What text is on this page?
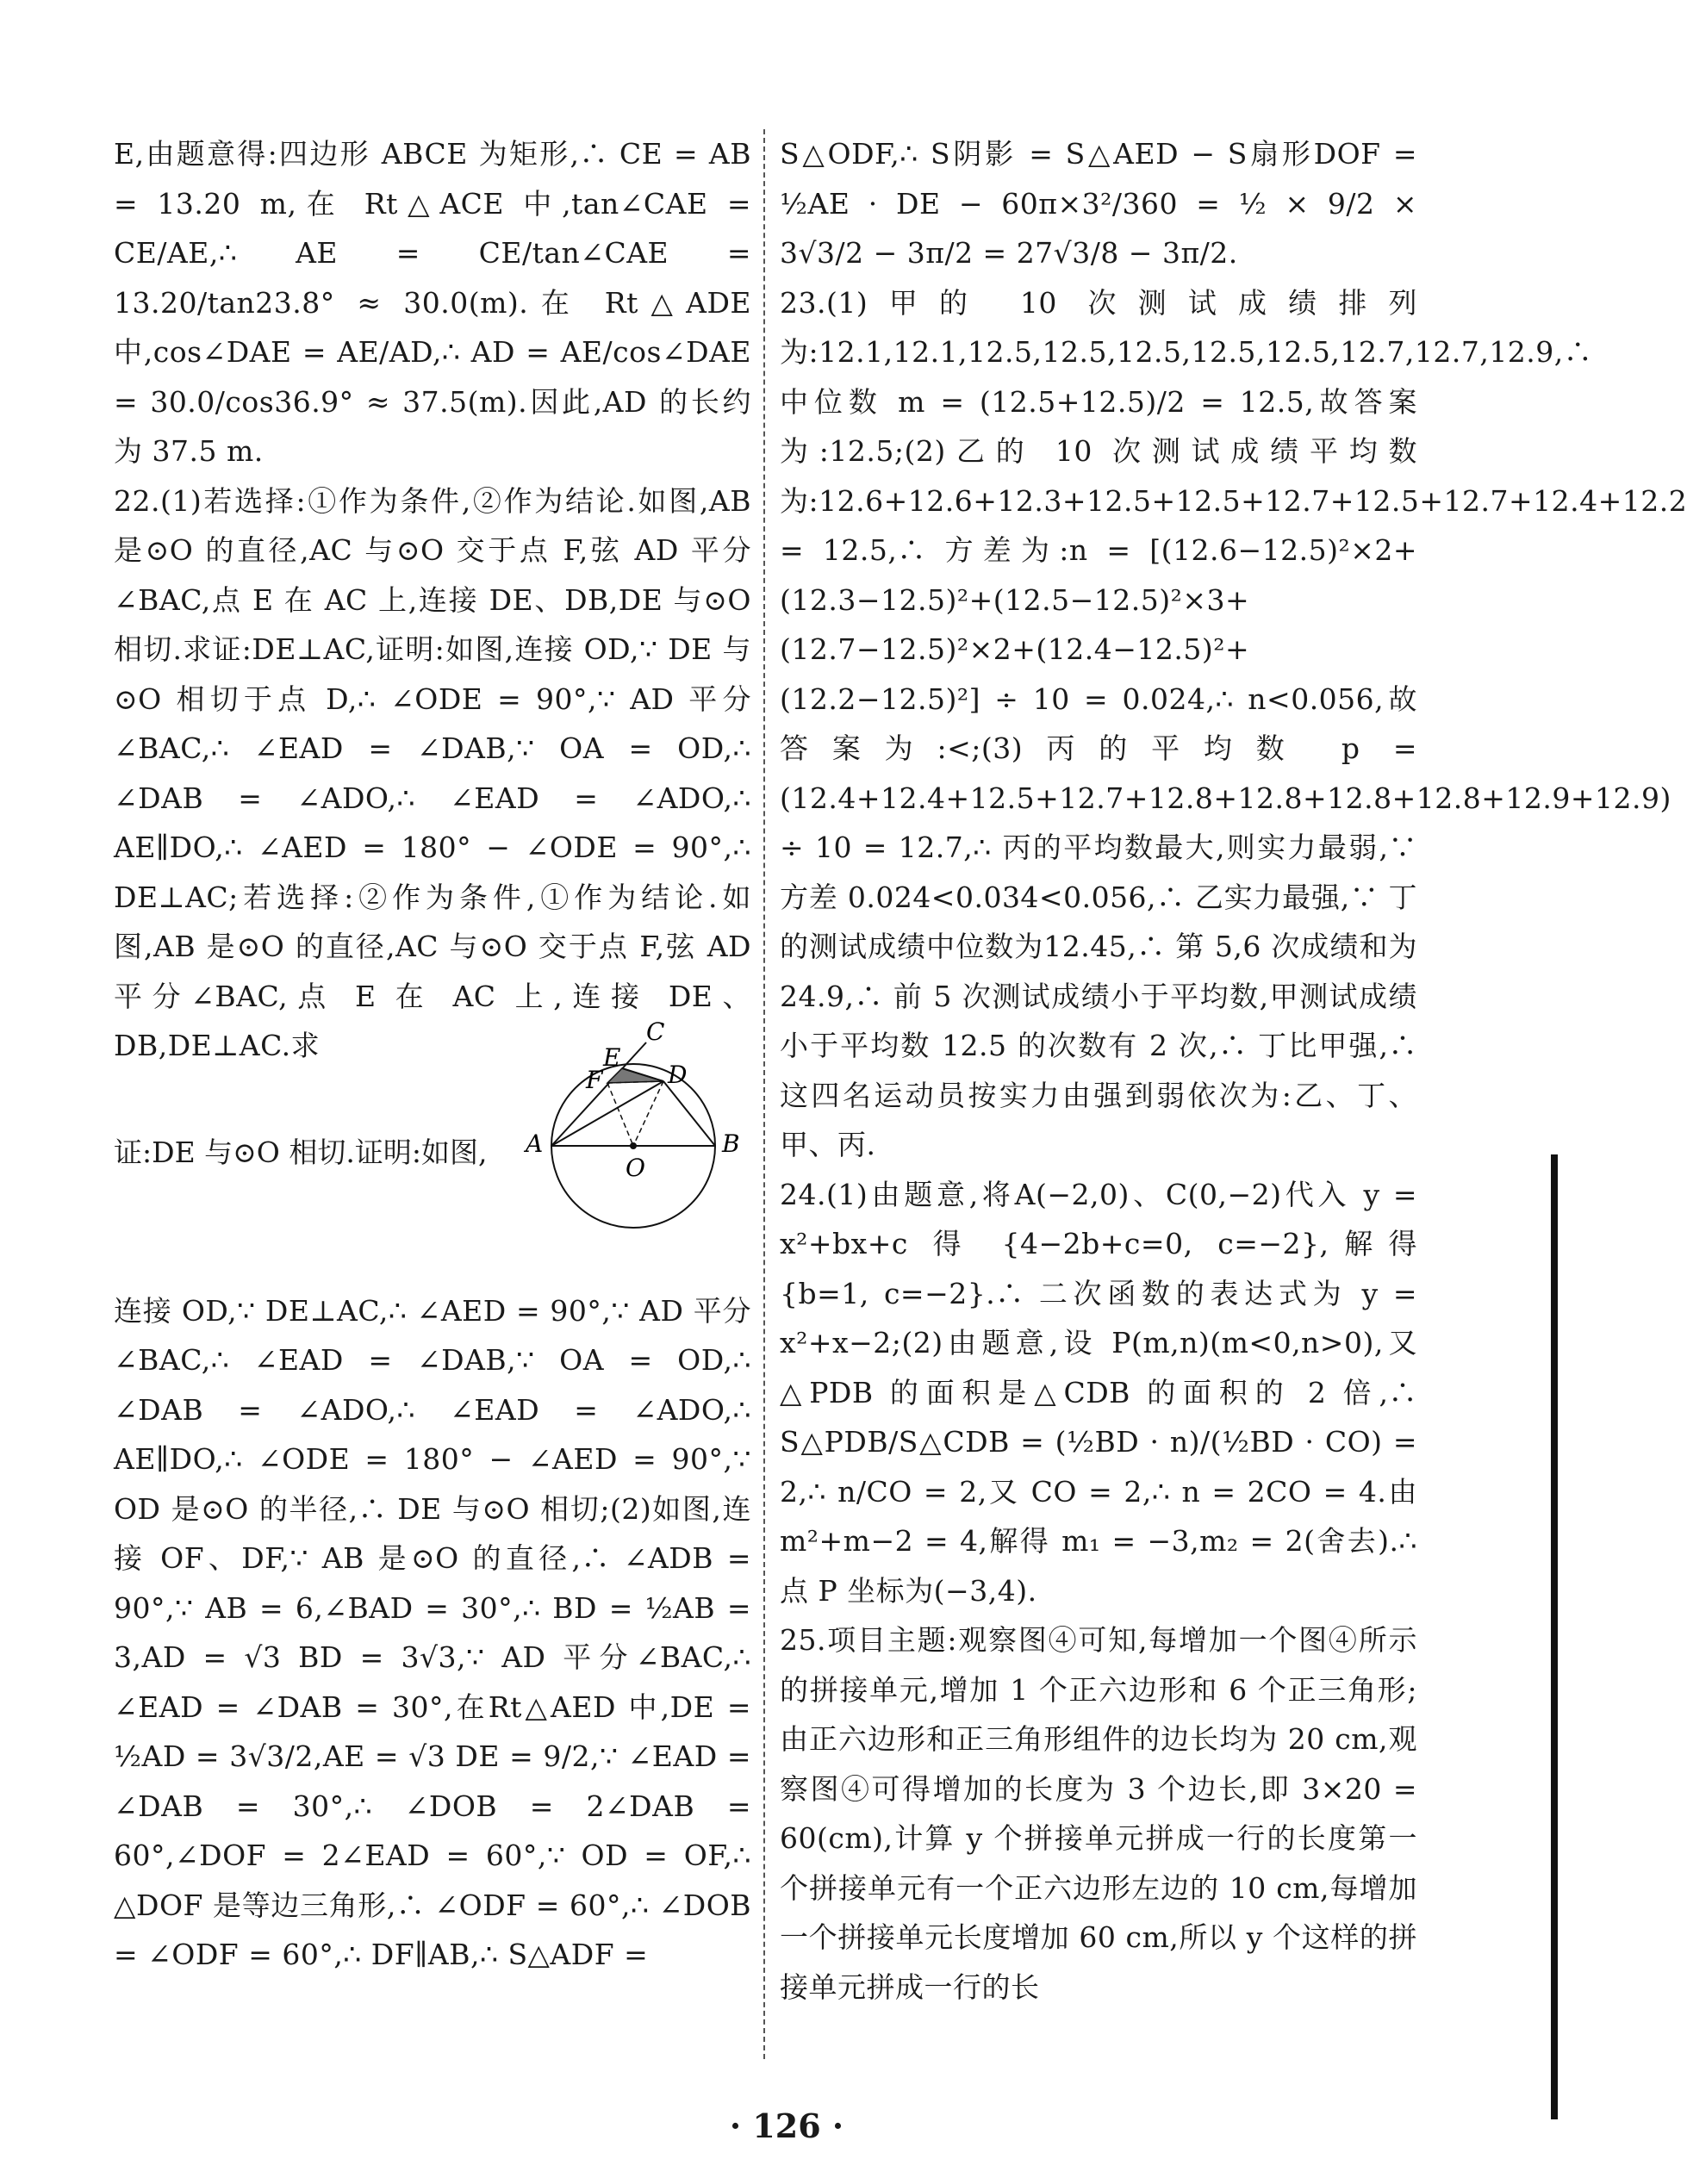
E,由题意得:四边形 ABCE 为矩形,∴ CE = AB = 13.20 m,在 Rt△ACE 中,tan∠CAE = CE/AE,∴ AE = CE/tan∠CAE = 13.20/tan23.8° ≈ 30.0(m).在 Rt△ADE 中,cos∠DAE = AE/AD,∴ AD = AE/cos∠DAE = 30.0/cos36.9° ≈ 37.5(m).因此,AD 的长约为 37.5 m.

22.(1)若选择:①作为条件,②作为结论.如图,AB 是⊙O 的直径,AC 与⊙O 交于点 F,弦 AD 平分∠BAC,点 E 在 AC 上,连接 DE、DB,DE 与⊙O 相切.求证:DE⊥AC,证明:如图,连接 OD,∵ DE 与⊙O 相切于点 D,∴ ∠ODE = 90°,∵ AD 平分∠BAC,∴ ∠EAD = ∠DAB,∵ OA = OD,∴ ∠DAB = ∠ADO,∴ ∠EAD = ∠ADO,∴ AE∥DO,∴ ∠AED = 180° − ∠ODE = 90°,∴ DE⊥AC;若选择:②作为条件,①作为结论.如图,AB 是⊙O 的直径,AC 与⊙O 交于点 F,弦 AD 平分∠BAC,点 E 在 AC 上,连接 DE、DB,DE⊥AC.求

连接 OD,∵ DE⊥AC,∴ ∠AED = 90°,∵ AD 平分∠BAC,∴ ∠EAD = ∠DAB,∵ OA = OD,∴ ∠DAB = ∠ADO,∴ ∠EAD = ∠ADO,∴ AE∥DO,∴ ∠ODE = 180° − ∠AED = 90°,∵ OD 是⊙O 的半径,∴ DE 与⊙O 相切;(2)如图,连接 OF、DF,∵ AB 是⊙O 的直径,∴ ∠ADB = 90°,∵ AB = 6,∠BAD = 30°,∴ BD = ½AB = 3,AD = √3 BD = 3√3,∵ AD 平分∠BAC,∴ ∠EAD = ∠DAB = 30°,在Rt△AED 中,DE = ½AD = 3√3/2,AE = √3 DE = 9/2,∵ ∠EAD = ∠DAB = 30°,∴ ∠DOB = 2∠DAB = 60°,∠DOF = 2∠EAD = 60°,∵ OD = OF,∴ △DOF 是等边三角形,∴ ∠ODF = 60°,∴ ∠DOB = ∠ODF = 60°,∴ DF∥AB,∴ S△ADF =

证:DE 与⊙O 相切.证明:如图,
C
E
F	D
A
O
B

S△ODF,∴ S阴影 = S△AED − S扇形DOF = ½AE · DE − 60π×3²/360 = ½ × 9/2 × 3√3/2 − 3π/2 = 27√3/8 − 3π/2.

23.(1)甲的 10 次测试成绩排列为:12.1,12.1,12.5,12.5,12.5,12.5,12.5,12.7,12.7,12.9,∴ 中位数 m = (12.5+12.5)/2 = 12.5,故答案为:12.5;(2)乙的 10 次测试成绩平均数为:12.6+12.6+12.3+12.5+12.5+12.7+12.5+12.7+12.4+12.2 = 12.5,∴ 方差为:n = [(12.6−12.5)²×2+(12.3−12.5)²+(12.5−12.5)²×3+(12.7−12.5)²×2+(12.4−12.5)²+(12.2−12.5)²] ÷ 10 = 0.024,∴ n<0.056,故答案为:<;(3)丙的平均数 p = (12.4+12.4+12.5+12.7+12.8+12.8+12.8+12.8+12.9+12.9) ÷ 10 = 12.7,∴ 丙的平均数最大,则实力最弱,∵ 方差 0.024<0.034<0.056,∴ 乙实力最强,∵ 丁的测试成绩中位数为12.45,∴ 第 5,6 次成绩和为 24.9,∴ 前 5 次测试成绩小于平均数,甲测试成绩小于平均数 12.5 的次数有 2 次,∴ 丁比甲强,∴ 这四名运动员按实力由强到弱依次为:乙、丁、甲、丙.

24.(1)由题意,将A(−2,0)、C(0,−2)代入 y = x²+bx+c 得 {4−2b+c=0, c=−2},解得 {b=1, c=−2}.∴ 二次函数的表达式为 y = x²+x−2;(2)由题意,设 P(m,n)(m<0,n>0),又△PDB 的面积是△CDB 的面积的 2 倍,∴ S△PDB/S△CDB = (½BD · n)/(½BD · CO) = 2,∴ n/CO = 2,又 CO = 2,∴ n = 2CO = 4.由 m²+m−2 = 4,解得 m₁ = −3,m₂ = 2(舍去).∴ 点 P 坐标为(−3,4).

25.项目主题:观察图④可知,每增加一个图④所示的拼接单元,增加 1 个正六边形和 6 个正三角形;由正六边形和正三角形组件的边长均为 20 cm,观察图④可得增加的长度为 3 个边长,即 3×20 = 60(cm),计算 y 个拼接单元拼成一行的长度第一个拼接单元有一个正六边形左边的 10 cm,每增加一个拼接单元长度增加 60 cm,所以 y 个这样的拼接单元拼成一行的长

· 126 ·
